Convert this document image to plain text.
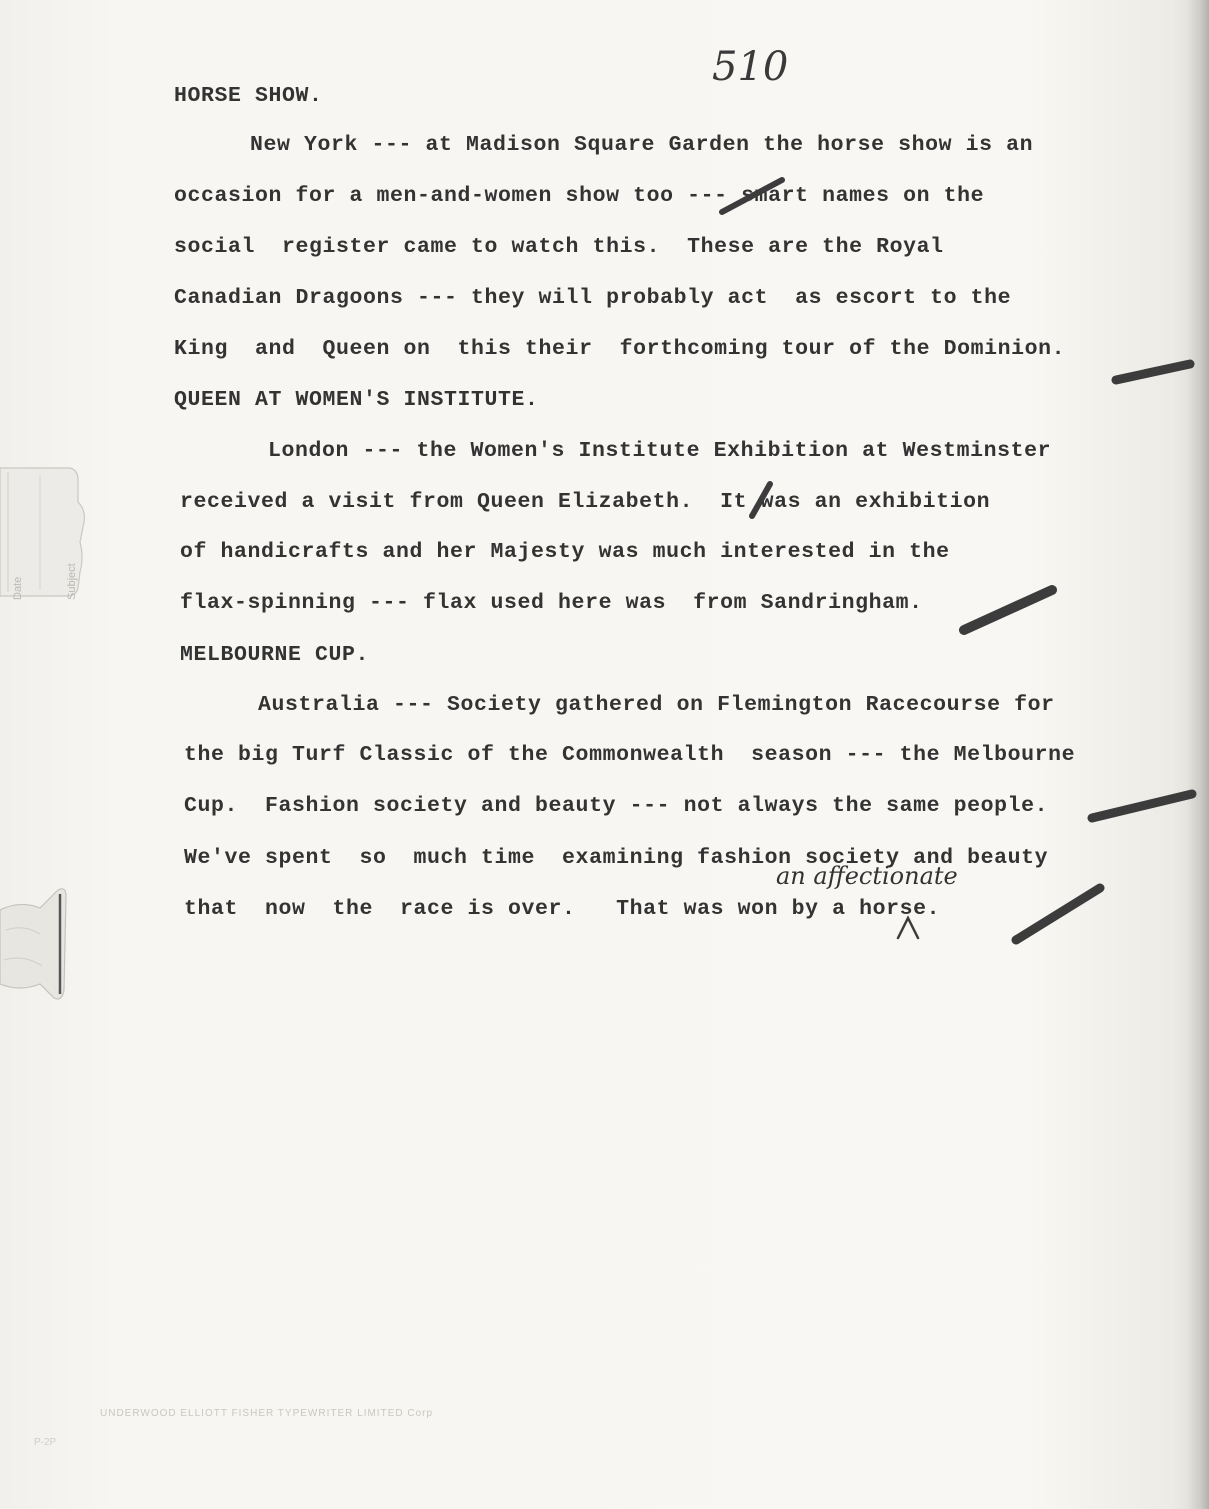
Date	Subject
510
HORSE SHOW.
New York --- at Madison Square Garden the horse show is an
occasion for a men-and-women show too --- smart names on the
social  register came to watch this.  These are the Royal
Canadian Dragoons --- they will probably act  as escort to the
King  and  Queen on  this their  forthcoming tour of the Dominion.
QUEEN AT WOMEN'S INSTITUTE.
London --- the Women's Institute Exhibition at Westminster
received a visit from Queen Elizabeth.  It was an exhibition
of handicrafts and her Majesty was much interested in the
flax-spinning --- flax used here was  from Sandringham.
MELBOURNE CUP.
Australia --- Society gathered on Flemington Racecourse for
the big Turf Classic of the Commonwealth  season --- the Melbourne
Cup.  Fashion society and beauty --- not always the same people.
We've spent  so  much time  examining fashion society and beauty
that  now  the  race is over.   That was won by a horse.
an affectionate
UNDERWOOD ELLIOTT FISHER TYPEWRITER LIMITED Corp
P-2P
